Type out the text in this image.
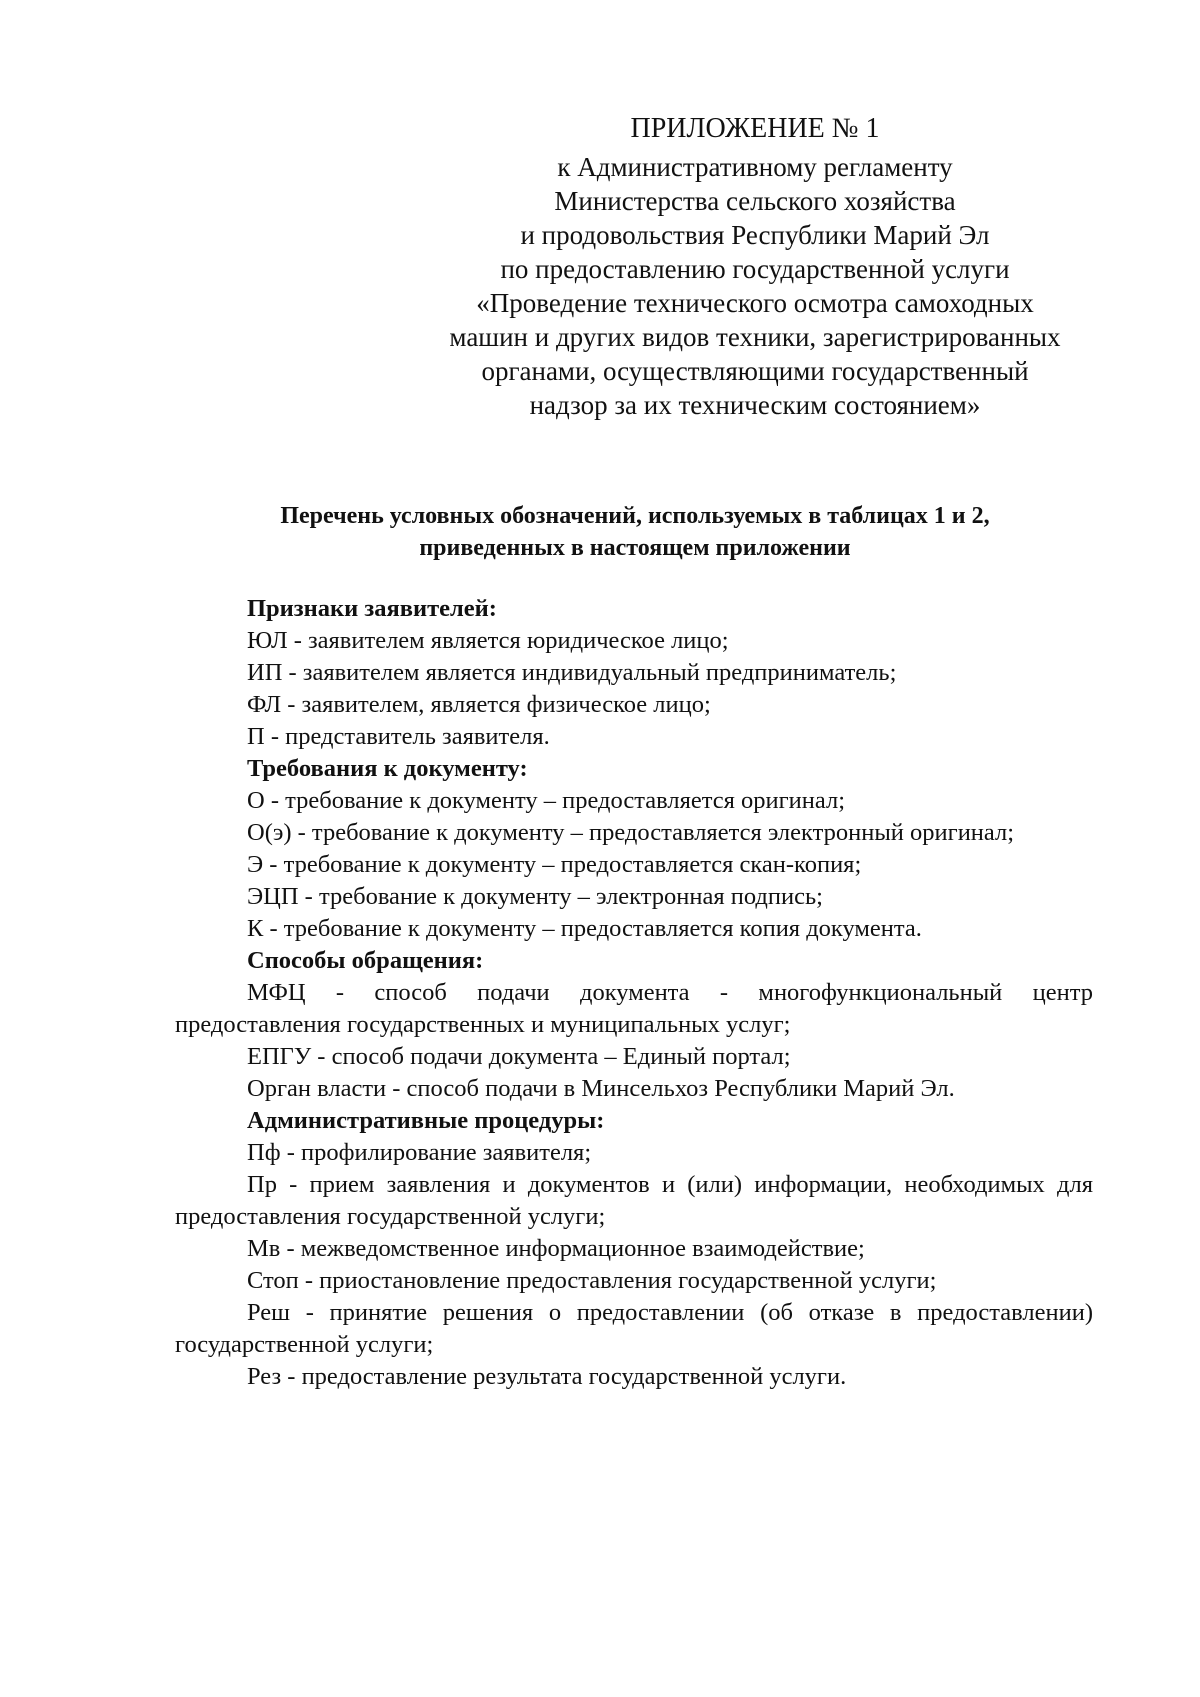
ПРИЛОЖЕНИЕ № 1
к Административному регламенту
Министерства сельского хозяйства
и продовольствия Республики Марий Эл
по предоставлению государственной услуги
«Проведение технического осмотра самоходных
машин и других видов техники, зарегистрированных
органами, осуществляющими государственный
надзор за их техническим состоянием»
Перечень условных обозначений, используемых в таблицах 1 и 2,
приведенных в настоящем приложении
Признаки заявителей:
ЮЛ - заявителем является юридическое лицо;
ИП - заявителем является индивидуальный предприниматель;
ФЛ - заявителем, является физическое лицо;
П - представитель заявителя.
Требования к документу:
О - требование к документу – предоставляется оригинал;
О(э) - требование к документу – предоставляется электронный оригинал;
Э - требование к документу – предоставляется скан-копия;
ЭЦП - требование к документу – электронная подпись;
К - требование к документу – предоставляется копия документа.
Способы обращения:
МФЦ - способ подачи документа - многофункциональный центр предоставления государственных и муниципальных услуг;
ЕПГУ - способ подачи документа – Единый портал;
Орган власти - способ подачи в Минсельхоз Республики Марий Эл.
Административные процедуры:
Пф - профилирование заявителя;
Пр - прием заявления и документов и (или) информации, необходимых для предоставления государственной услуги;
Мв - межведомственное информационное взаимодействие;
Стоп - приостановление предоставления государственной услуги;
Реш - принятие решения о предоставлении (об отказе в предоставлении) государственной услуги;
Рез - предоставление результата государственной услуги.
